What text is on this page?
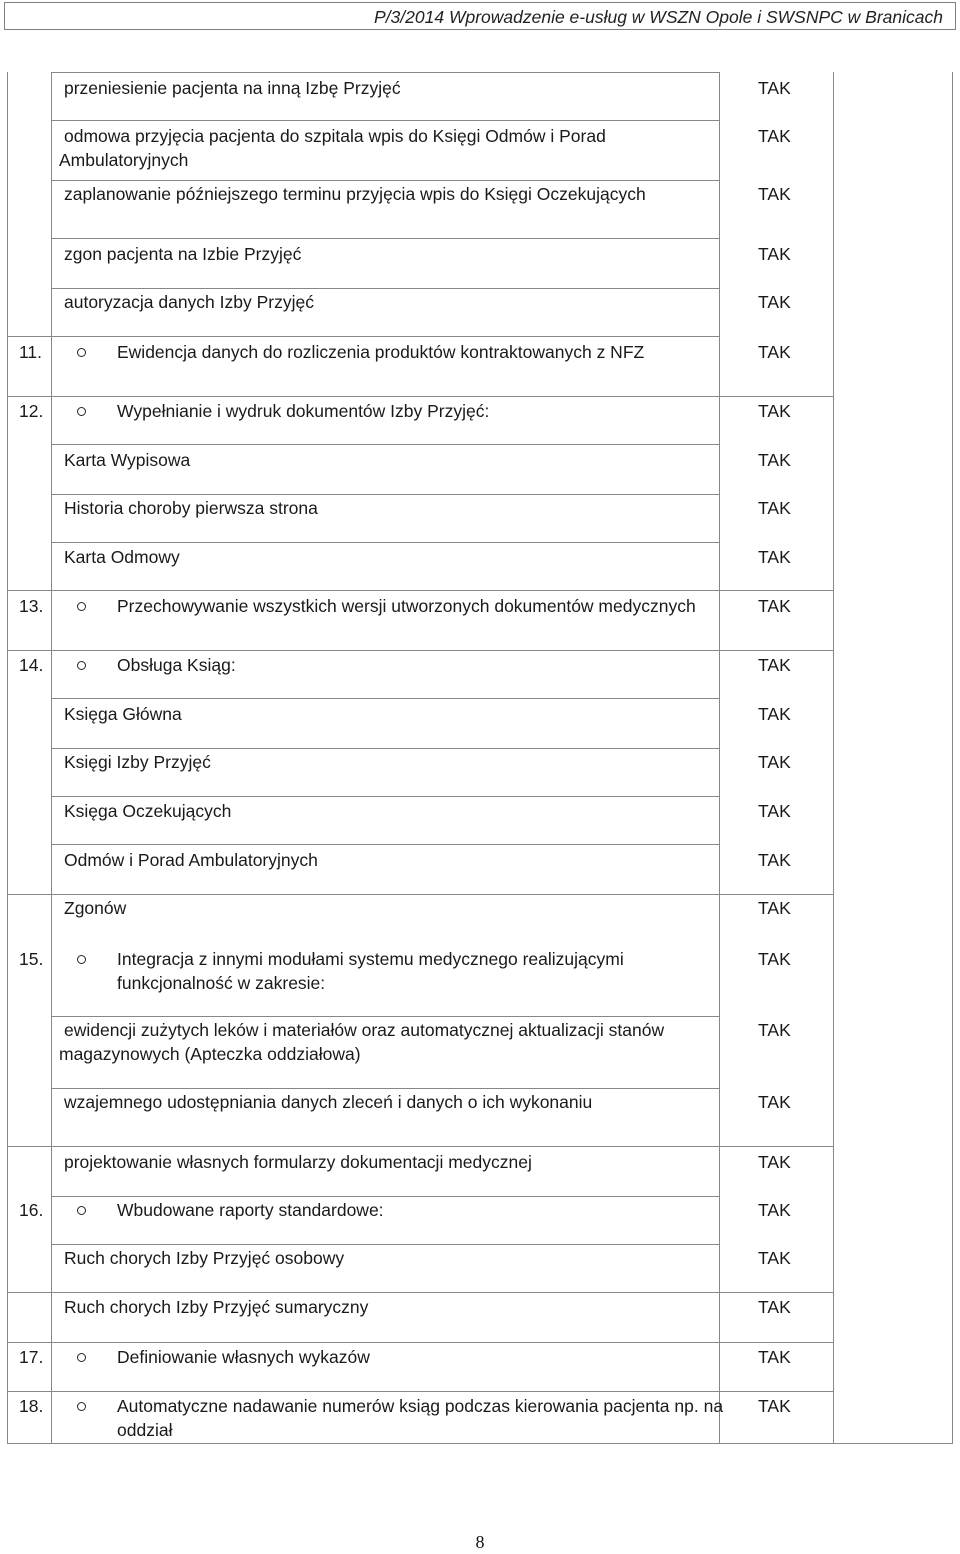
P/3/2014 Wprowadzenie e-usług w WSZN Opole i SWSNPC w Branicach
przeniesienie pacjenta na inną Izbę Przyjęć	TAK
odmowa przyjęcia pacjenta do szpitala wpis do Księgi Odmów i Porad
Ambulatoryjnych
TAK
zaplanowanie późniejszego terminu przyjęcia wpis do Księgi Oczekujących	TAK
zgon pacjenta na Izbie Przyjęć	TAK
autoryzacja danych Izby Przyjęć	TAK
11.	Ewidencja danych do rozliczenia produktów kontraktowanych z NFZ	TAK
12.	Wypełnianie i wydruk dokumentów Izby Przyjęć:	TAK
Karta Wypisowa	TAK
Historia choroby pierwsza strona	TAK
Karta Odmowy	TAK
13.	Przechowywanie wszystkich wersji utworzonych dokumentów medycznych	TAK
14.	Obsługa Ksiąg:	TAK
Księga Główna	TAK
Księgi Izby Przyjęć	TAK
Księga Oczekujących	TAK
Odmów i Porad Ambulatoryjnych	TAK
Zgonów	TAK
15.	Integracja z innymi modułami systemu medycznego realizującymi
funkcjonalność w zakresie:
TAK
ewidencji zużytych leków i materiałów oraz automatycznej aktualizacji stanów
magazynowych (Apteczka oddziałowa)
TAK
wzajemnego udostępniania danych zleceń i danych o ich wykonaniu	TAK
projektowanie własnych formularzy dokumentacji medycznej	TAK
16.	Wbudowane raporty standardowe:	TAK
Ruch chorych Izby Przyjęć osobowy	TAK
Ruch chorych Izby Przyjęć sumaryczny	TAK
17.	Definiowanie własnych wykazów	TAK
18.	Automatyczne nadawanie numerów ksiąg podczas kierowania pacjenta np. na
oddział
TAK
8
